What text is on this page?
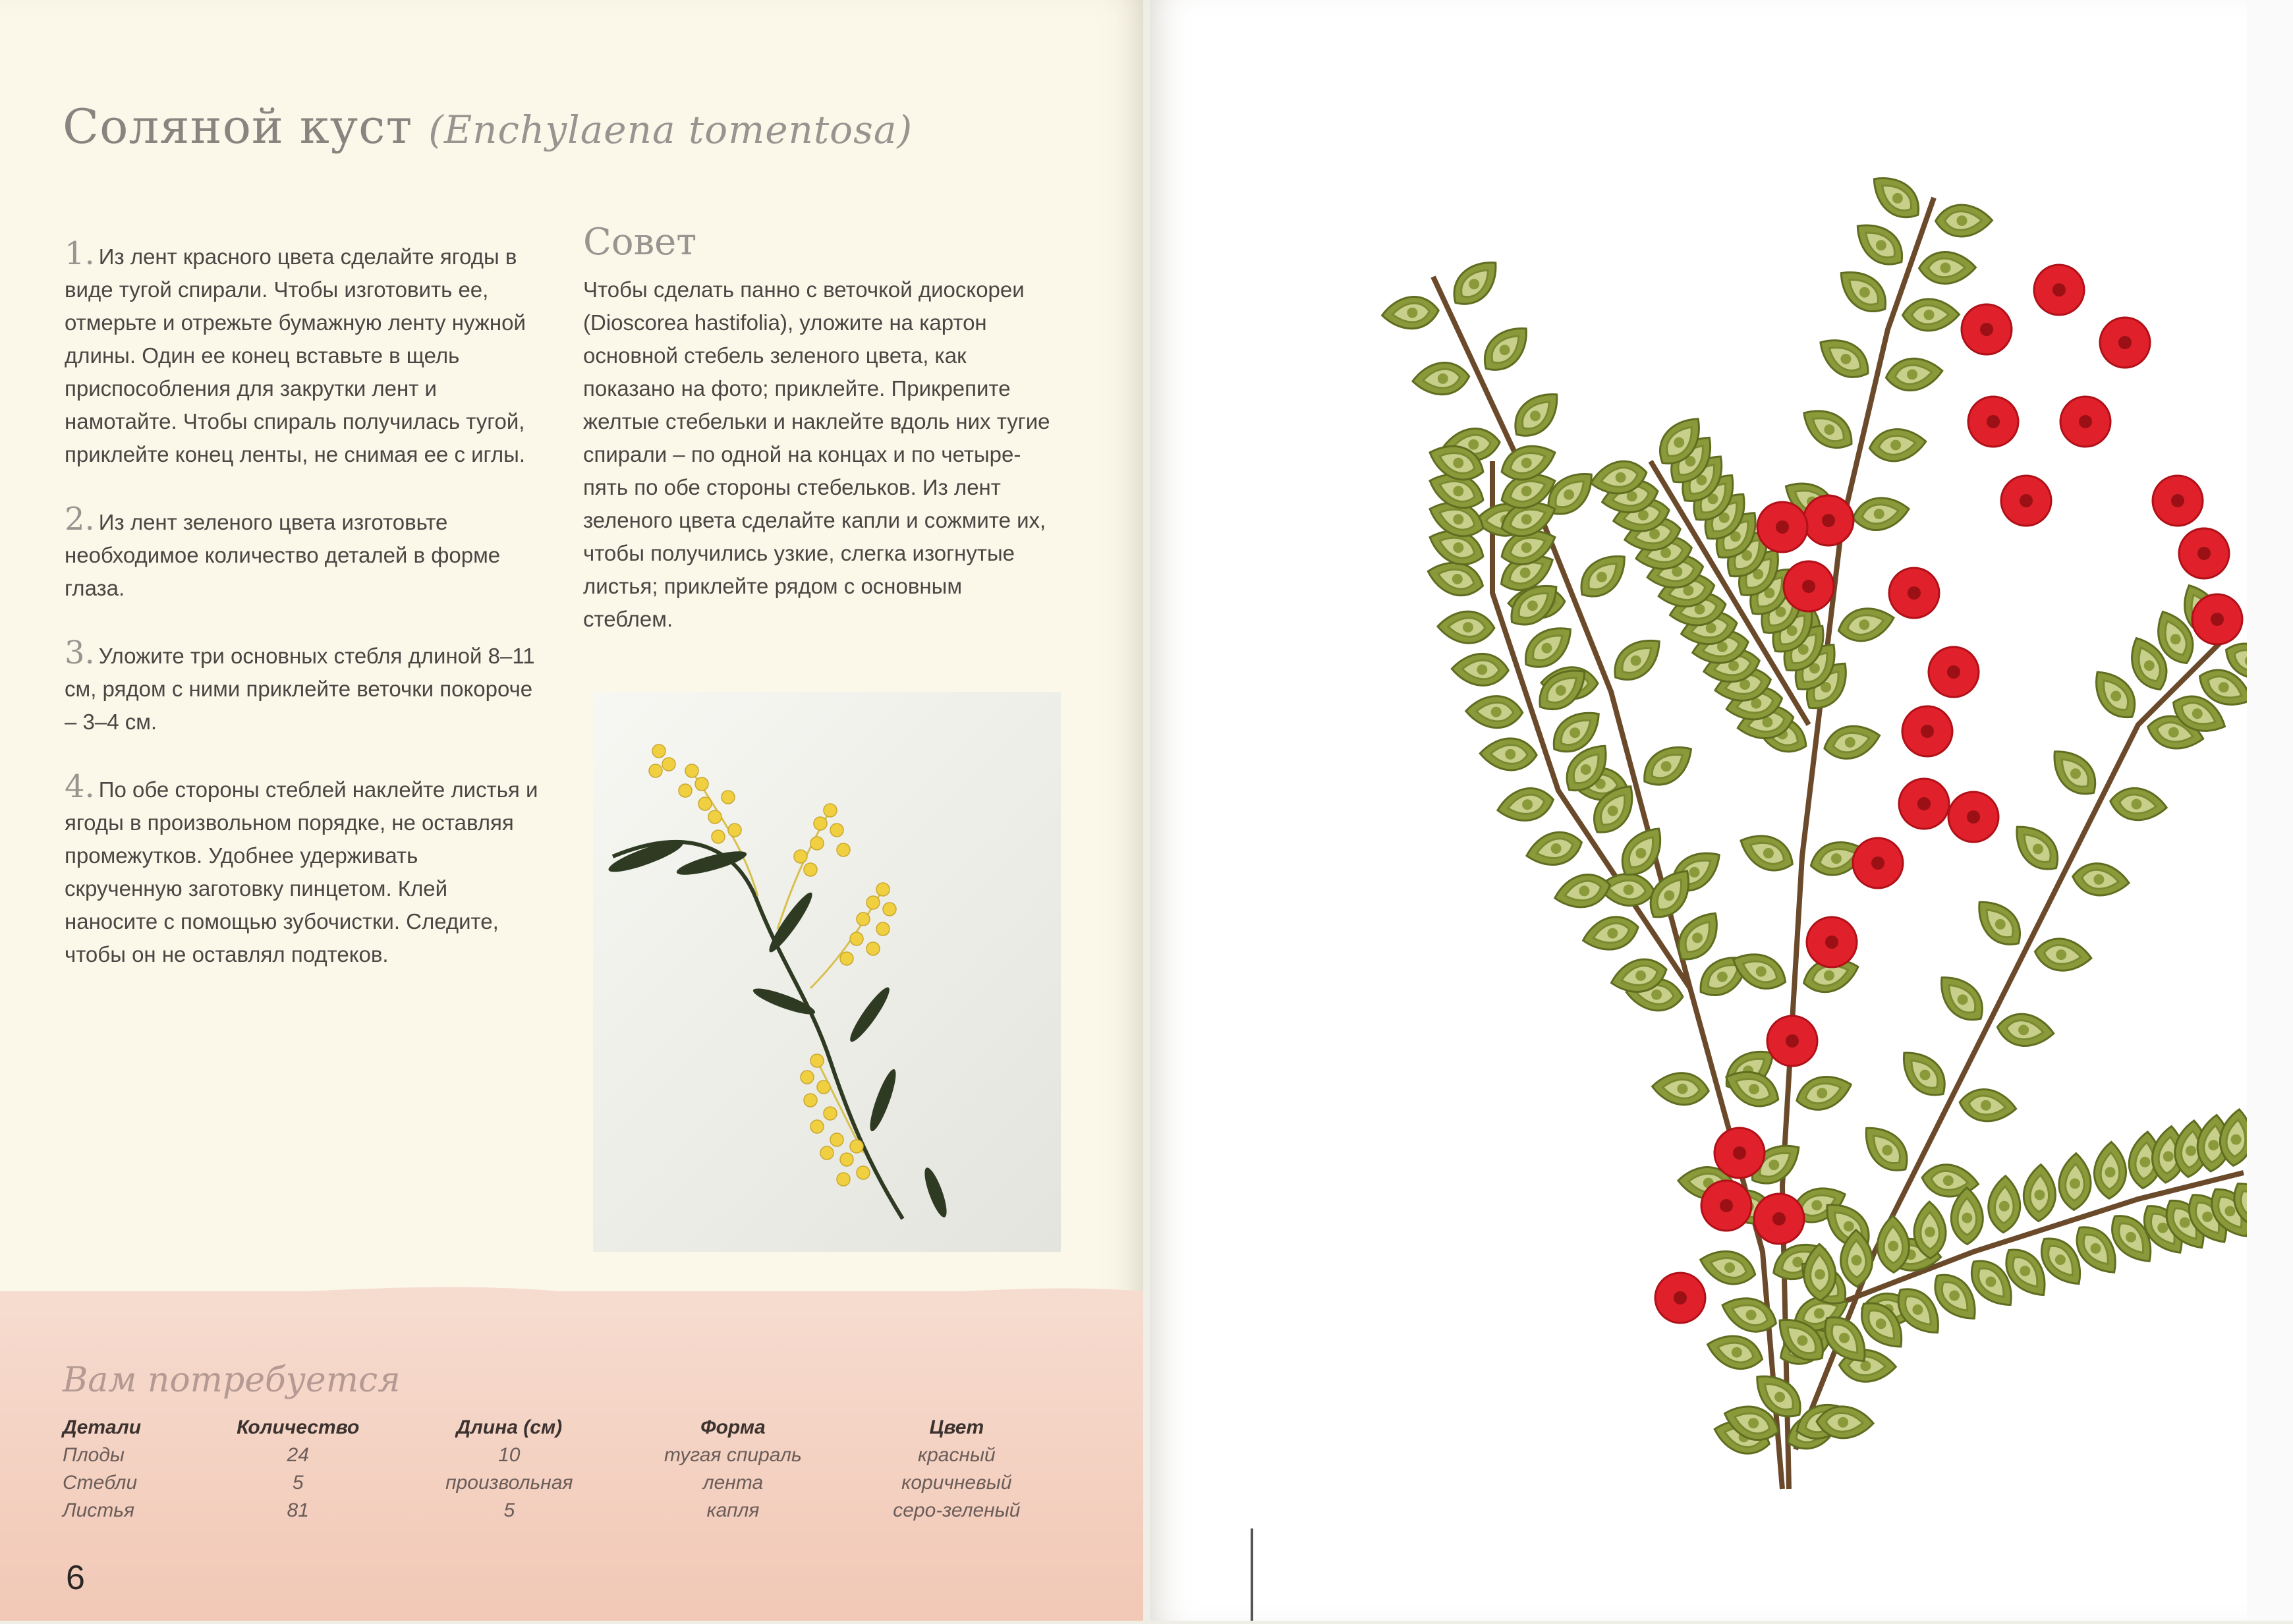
Соляной куст (Enchylaena tomentosa)
1. Из лент красного цвета сделайте ягоды в виде тугой спирали. Чтобы изготовить ее, отмерьте и отрежьте бумажную ленту нужной длины. Один ее конец вставьте в щель приспособления для закрутки лент и намотайте. Чтобы спираль получилась тугой, приклейте конец ленты, не снимая ее с иглы.
2. Из лент зеленого цвета изготовьте необходимое количество деталей в форме глаза.
3. Уложите три основных стебля длиной 8–11 см, рядом с ними приклейте веточки покороче – 3–4 см.
4. По обе стороны стеблей наклейте листья и ягоды в произвольном порядке, не оставляя промежутков. Удобнее удерживать скрученную заготовку пинцетом. Клей наносите с помощью зубочистки. Следите, чтобы он не оставлял подтеков.
Совет
Чтобы сделать панно с веточкой диоскореи (Dioscorea hastifolia), уложите на картон основной стебель зеленого цвета, как показано на фото; приклейте. Прикрепите желтые стебельки и наклейте вдоль них тугие спирали – по одной на концах и по четыре-пять по обе стороны стебельков. Из лент зеленого цвета сделайте капли и сожмите их, чтобы получились узкие, слегка изогнутые листья; приклейте рядом с основным стеблем.
Вам потребуется
Детали	Количество	Длина (см)	Форма	Цвет
Плоды	24	10	тугая спираль	красный
Стебли	5	произвольная	лента	коричневый
Листья	81	5	капля	серо-зеленый
6
